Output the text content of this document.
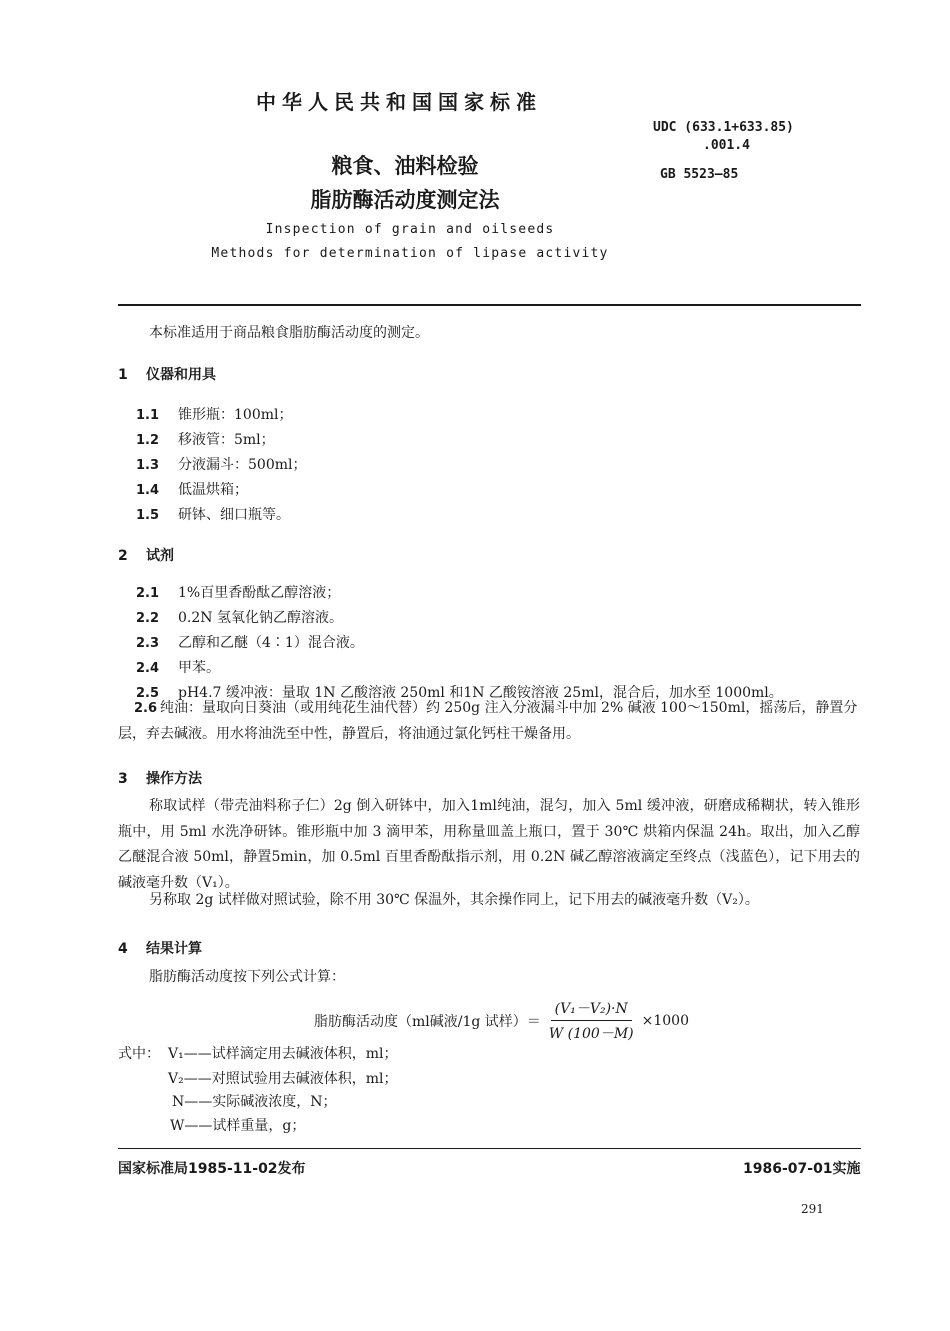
中华人民共和国国家标准
UDC (633.1+633.85)
.001.4
GB 5523—85
粮食、油料检验
脂肪酶活动度测定法
Inspection of grain and oilseeds
Methods for determination of lipase activity
本标准适用于商品粮食脂肪酶活动度的测定。
1 仪器和用具
1.1 锥形瓶：100ml；
1.2 移液管：5ml；
1.3 分液漏斗：500ml；
1.4 低温烘箱；
1.5 研钵、细口瓶等。
2 试剂
2.1 1%百里香酚酞乙醇溶液；
2.2 0.2N 氢氧化钠乙醇溶液。
2.3 乙醇和乙醚（4∶1）混合液。
2.4 甲苯。
2.5 pH4.7 缓冲液：量取 1N 乙酸溶液 250ml 和1N 乙酸铵溶液 25ml，混合后，加水至 1000ml。
2.6 纯油：量取向日葵油（或用纯花生油代替）约 250g 注入分液漏斗中加 2% 碱液 100～150ml，摇荡后，静置分层，弃去碱液。用水将油洗至中性，静置后，将油通过氯化钙柱干燥备用。
3 操作方法
称取试样（带壳油料称子仁）2g 倒入研钵中，加入1ml纯油，混匀，加入 5ml 缓冲液，研磨成稀糊状，转入锥形瓶中，用 5ml 水洗净研钵。锥形瓶中加 3 滴甲苯，用称量皿盖上瓶口，置于 30℃ 烘箱内保温 24h。取出，加入乙醇乙醚混合液 50ml，静置5min，加 0.5ml 百里香酚酞指示剂，用 0.2N 碱乙醇溶液滴定至终点（浅蓝色），记下用去的碱液毫升数（V₁）。
另称取 2g 试样做对照试验，除不用 30℃ 保温外，其余操作同上，记下用去的碱液毫升数（V₂）。
4 结果计算
脂肪酶活动度按下列公式计算：
脂肪酶活动度（ml碱液/1g 试样）＝ $\frac{\text{(V₁－V₂)·N}}{W (100-M)} \times 1000$
式中： V₁——试样滴定用去碱液体积，ml；
V₂——对照试验用去碱液体积，ml；
N——实际碱液浓度，N；
W——试样重量，g；
国家标准局1985-11-02发布	1986-07-01实施
291
